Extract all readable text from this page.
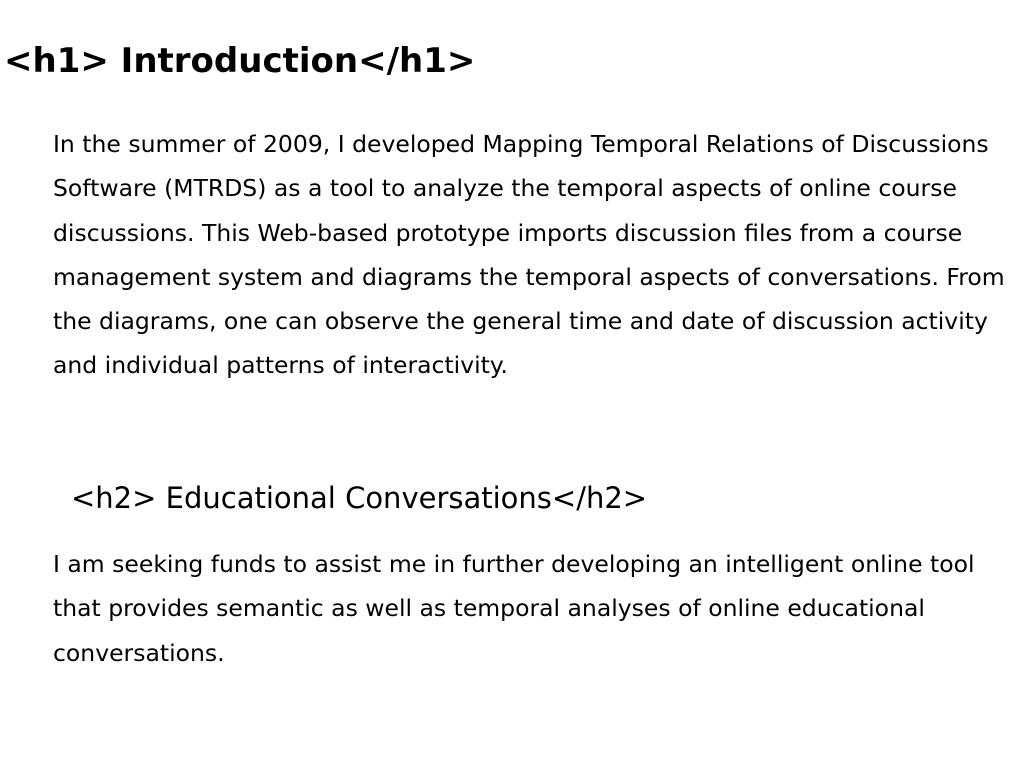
<h1> Introduction</h1>

In the summer of 2009, I developed Mapping Temporal Relations of Discussions Software (MTRDS) as a tool to analyze the temporal aspects of online course discussions. This Web-based prototype imports discussion files from a course management system and diagrams the temporal aspects of conversations. From the diagrams, one can observe the general time and date of discussion activity and individual patterns of interactivity.

<h2> Educational Conversations</h2>

I am seeking funds to assist me in further developing an intelligent online tool that provides semantic as well as temporal analyses of online educational conversations.
